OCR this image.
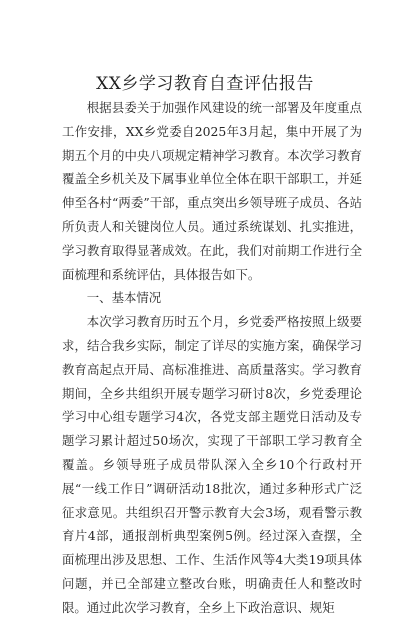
XX乡学习教育自查评估报告

根据县委关于加强作风建设的统一部署及年度重点工作安排，XX乡党委自2025年3月起，集中开展了为期五个月的中央八项规定精神学习教育。本次学习教育覆盖全乡机关及下属事业单位全体在职干部职工，并延伸至各村“两委”干部，重点突出乡领导班子成员、各站所负责人和关键岗位人员。通过系统谋划、扎实推进，学习教育取得显著成效。在此，我们对前期工作进行全面梳理和系统评估，具体报告如下。

一、基本情况

本次学习教育历时五个月，乡党委严格按照上级要求，结合我乡实际，制定了详尽的实施方案，确保学习教育高起点开局、高标准推进、高质量落实。学习教育期间，全乡共组织开展专题学习研讨8次，乡党委理论学习中心组专题学习4次，各党支部主题党日活动及专题学习累计超过50场次，实现了干部职工学习教育全覆盖。乡领导班子成员带队深入全乡10个行政村开展“一线工作日”调研活动18批次，通过多种形式广泛征求意见。共组织召开警示教育大会3场，观看警示教育片4部，通报剖析典型案例5例。经过深入查摆，全面梳理出涉及思想、工作、生活作风等4大类19项具体问题，并已全部建立整改台账，明确责任人和整改时限。通过此次学习教育，全乡上下政治意识、规矩
